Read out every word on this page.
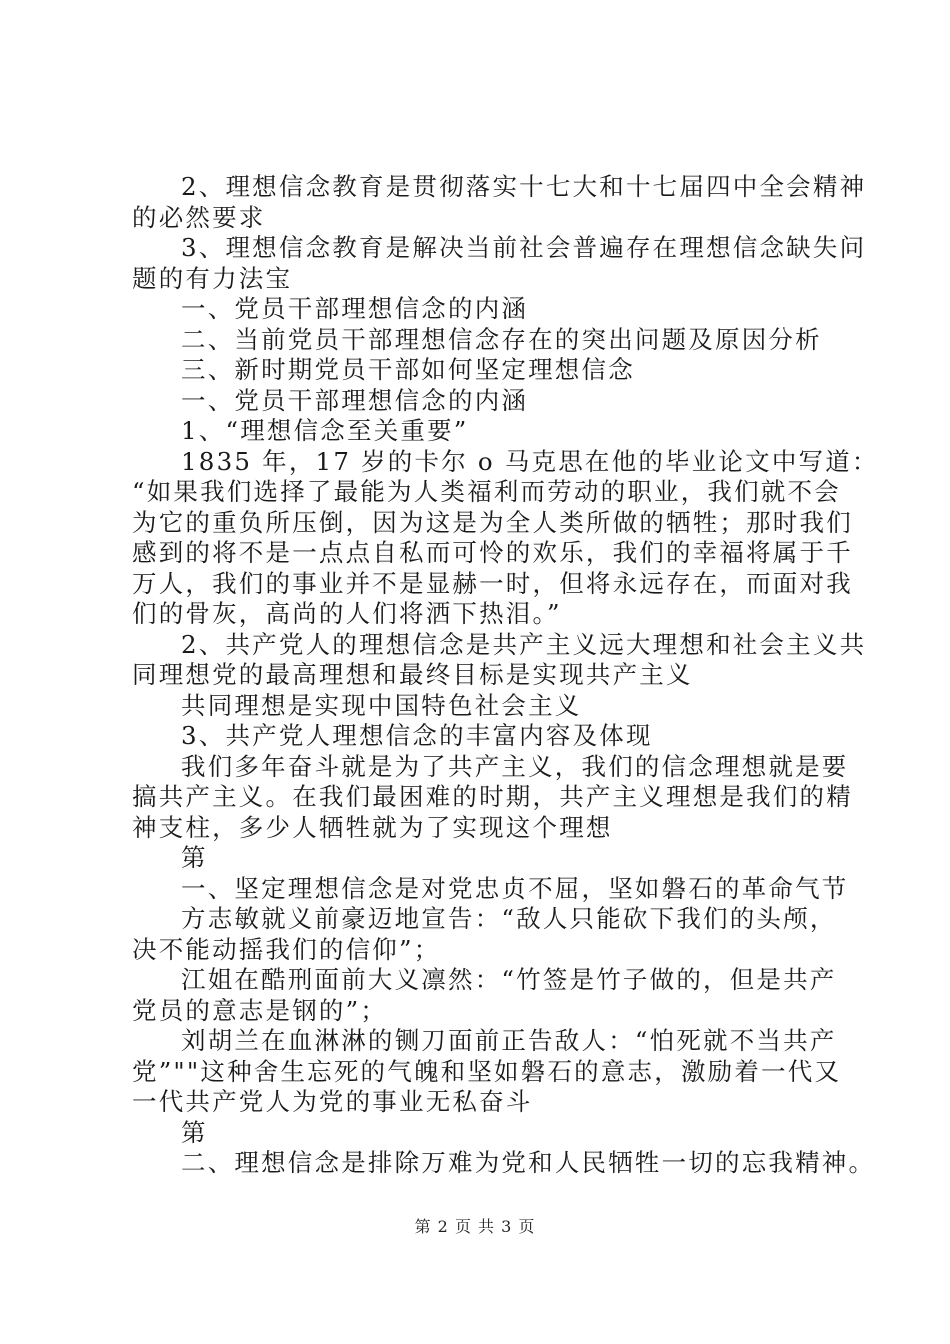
2、理想信念教育是贯彻落实十七大和十七届四中全会精神
的必然要求
3、理想信念教育是解决当前社会普遍存在理想信念缺失问
题的有力法宝
一、党员干部理想信念的内涵
二、当前党员干部理想信念存在的突出问题及原因分析
三、新时期党员干部如何坚定理想信念
一、党员干部理想信念的内涵
1、“理想信念至关重要”
1835 年，17 岁的卡尔 o 马克思在他的毕业论文中写道：
“如果我们选择了最能为人类福利而劳动的职业，我们就不会
为它的重负所压倒，因为这是为全人类所做的牺牲；那时我们
感到的将不是一点点自私而可怜的欢乐，我们的幸福将属于千
万人，我们的事业并不是显赫一时，但将永远存在，而面对我
们的骨灰，高尚的人们将洒下热泪。”
2、共产党人的理想信念是共产主义远大理想和社会主义共
同理想党的最高理想和最终目标是实现共产主义
共同理想是实现中国特色社会主义
3、共产党人理想信念的丰富内容及体现
我们多年奋斗就是为了共产主义，我们的信念理想就是要
搞共产主义。在我们最困难的时期，共产主义理想是我们的精
神支柱，多少人牺牲就为了实现这个理想
第
一、坚定理想信念是对党忠贞不屈，坚如磐石的革命气节
方志敏就义前豪迈地宣告：“敌人只能砍下我们的头颅，
决不能动摇我们的信仰”；
江姐在酷刑面前大义凛然：“竹签是竹子做的，但是共产
党员的意志是钢的”；
刘胡兰在血淋淋的铡刀面前正告敌人：“怕死就不当共产
党”""这种舍生忘死的气魄和坚如磐石的意志，激励着一代又
一代共产党人为党的事业无私奋斗
第
二、理想信念是排除万难为党和人民牺牲一切的忘我精神。
第 2 页 共 3 页
